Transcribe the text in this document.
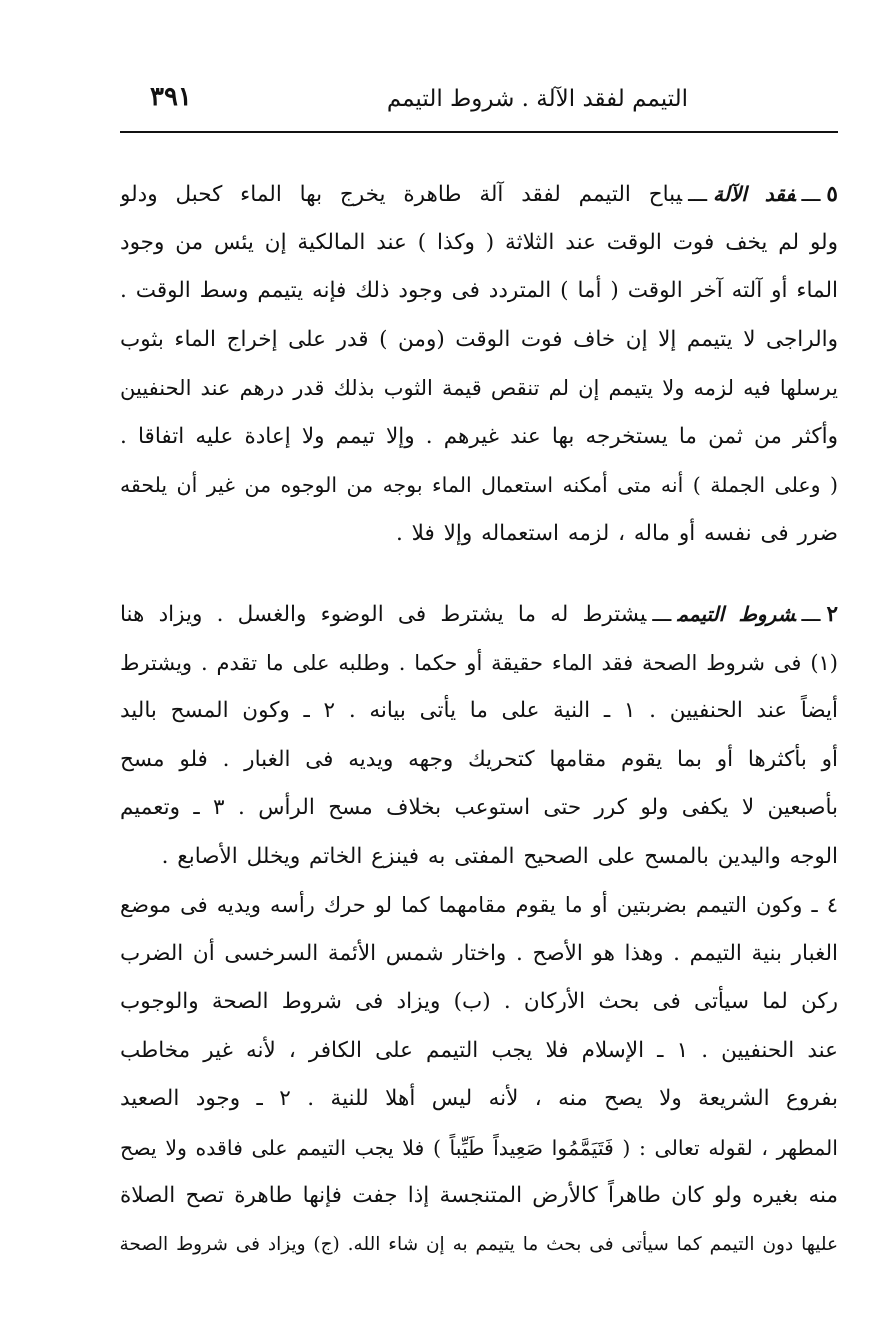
٣٩١	التيمم لفقد الآلة . شروط التيمم
٥ـــفقد الآلةـــيباح التيمم لفقد آلة طاهرة يخرج بها الماء كحبل ودلو
ولو لم يخف فوت الوقت عند الثلاثة ( وكذا ) عند المالكية إن يئس من وجود
الماء أو آلته آخر الوقت ( أما ) المتردد فى وجود ذلك فإنه يتيمم وسط الوقت .
والراجى لا يتيمم إلا إن خاف فوت الوقت (ومن ) قدر على إخراج الماء بثوب
يرسلها فيه لزمه ولا يتيمم إن لم تنقص قيمة الثوب بذلك قدر درهم عند الحنفيين
وأكثر من ثمن ما يستخرجه بها عند غيرهم . وإلا تيمم ولا إعادة عليه اتفاقا .
( وعلى الجملة ) أنه متى أمكنه استعمال الماء بوجه من الوجوه من غير أن يلحقه
ضرر فى نفسه أو ماله ، لزمه استعماله وإلا فلا .
٢ـــشروط التيممـــيشترط له ما يشترط فى الوضوء والغسل . ويزاد هنا
(١) فى شروط الصحة فقد الماء حقيقة أو حكما . وطلبه على ما تقدم . ويشترط
أيضاً عند الحنفيين . ١ ـ النية على ما يأتى بيانه . ٢ ـ وكون المسح باليد
أو بأكثرها أو بما يقوم مقامها كتحريك وجهه ويديه فى الغبار . فلو مسح
بأصبعين لا يكفى ولو كرر حتى استوعب بخلاف مسح الرأس . ٣ ـ وتعميم
الوجه واليدين بالمسح على الصحيح المفتى به فينزع الخاتم ويخلل الأصابع .
٤ ـ وكون التيمم بضربتين أو ما يقوم مقامهما كما لو حرك رأسه ويديه فى موضع
الغبار بنية التيمم . وهذا هو الأصح . واختار شمس الأئمة السرخسى أن الضرب
ركن لما سيأتى فى بحث الأركان . (ب) ويزاد فى شروط الصحة والوجوب
عند الحنفيين . ١ ـ الإسلام فلا يجب التيمم على الكافر ، لأنه غير مخاطب
بفروع الشريعة ولا يصح منه ، لأنه ليس أهلا للنية . ٢ ـ وجود الصعيد
المطهر ، لقوله تعالى : ( فَتَيَمَّمُوا صَعِيداً طَيِّباً ) فلا يجب التيمم على فاقده ولا يصح
منه بغيره ولو كان طاهراً كالأرض المتنجسة إذا جفت فإنها طاهرة تصح الصلاة
عليها دون التيمم كما سيأتى فى بحث ما يتيمم به إن شاء الله. (ج) ويزاد فى شروط الصحة
